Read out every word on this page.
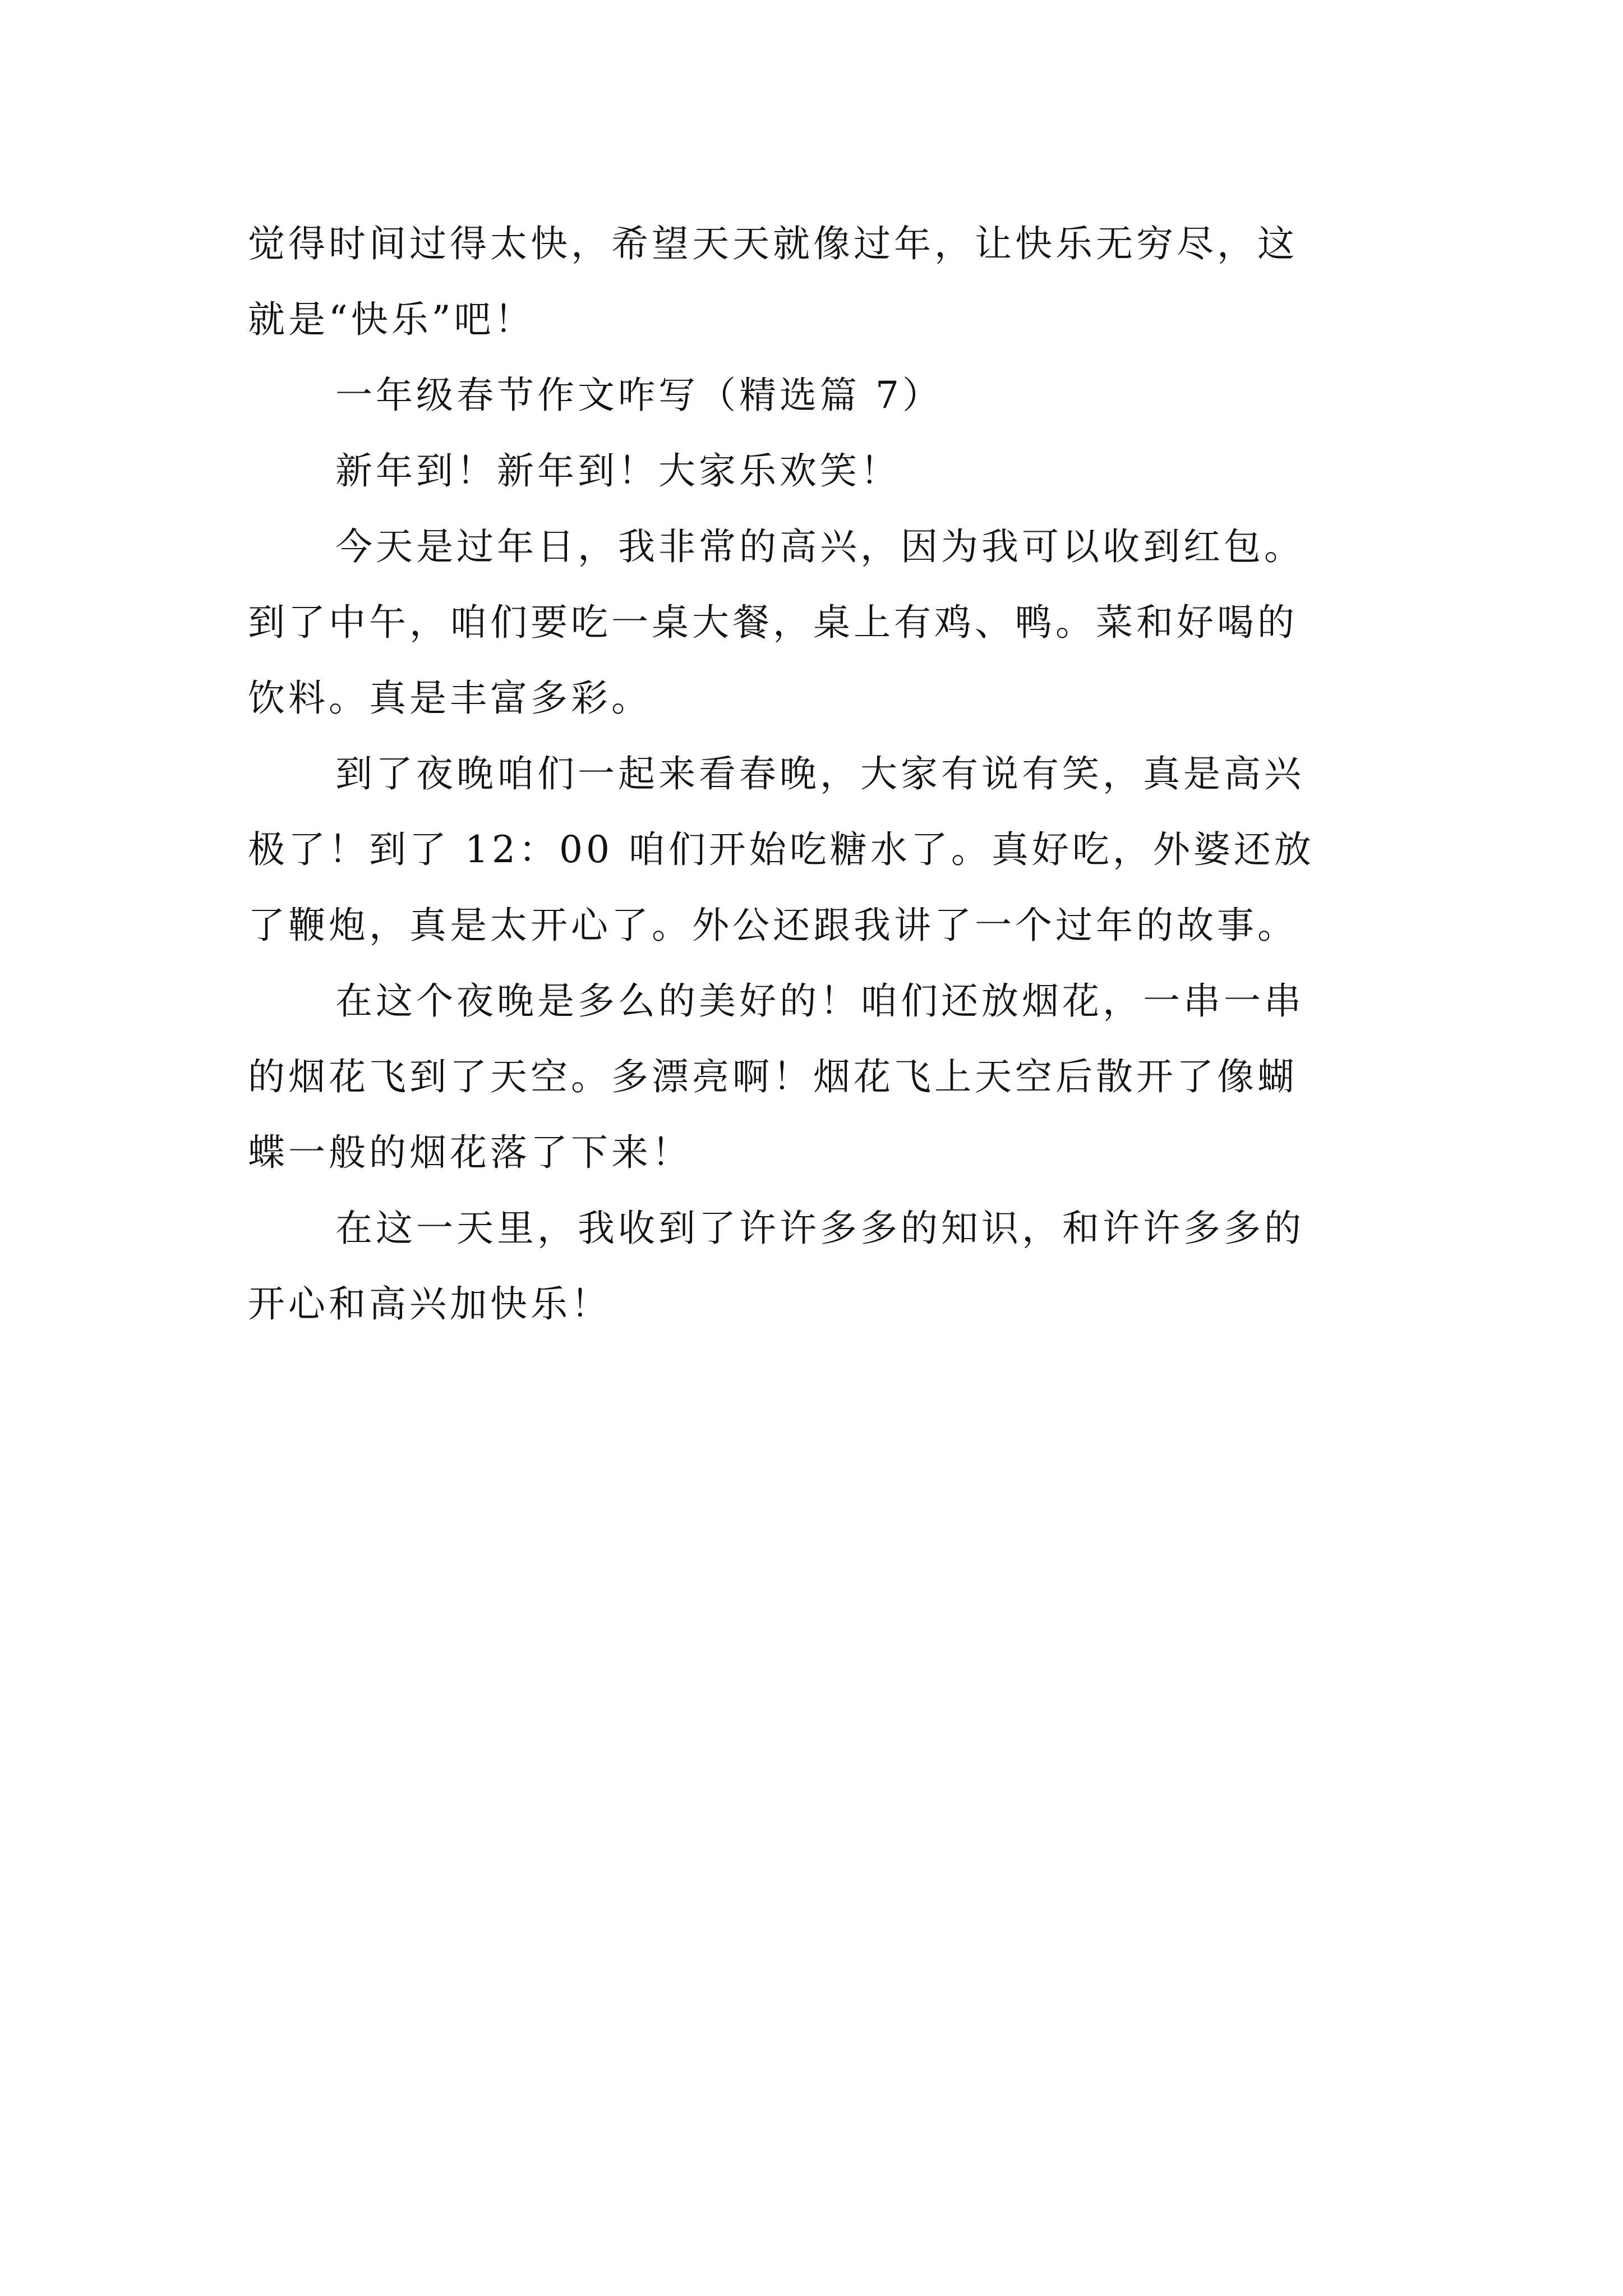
觉得时间过得太快，希望天天就像过年，让快乐无穷尽，这
就是“快乐”吧！
一年级春节作文咋写（精选篇 7）
新年到！新年到！大家乐欢笑！
今天是过年日，我非常的高兴，因为我可以收到红包。
到了中午，咱们要吃一桌大餐，桌上有鸡、鸭。菜和好喝的
饮料。真是丰富多彩。
到了夜晚咱们一起来看春晚，大家有说有笑，真是高兴
极了！到了 12：00 咱们开始吃糖水了。真好吃，外婆还放
了鞭炮，真是太开心了。外公还跟我讲了一个过年的故事。
在这个夜晚是多么的美好的！咱们还放烟花，一串一串
的烟花飞到了天空。多漂亮啊！烟花飞上天空后散开了像蝴
蝶一般的烟花落了下来！
在这一天里，我收到了许许多多的知识，和许许多多的
开心和高兴加快乐！
